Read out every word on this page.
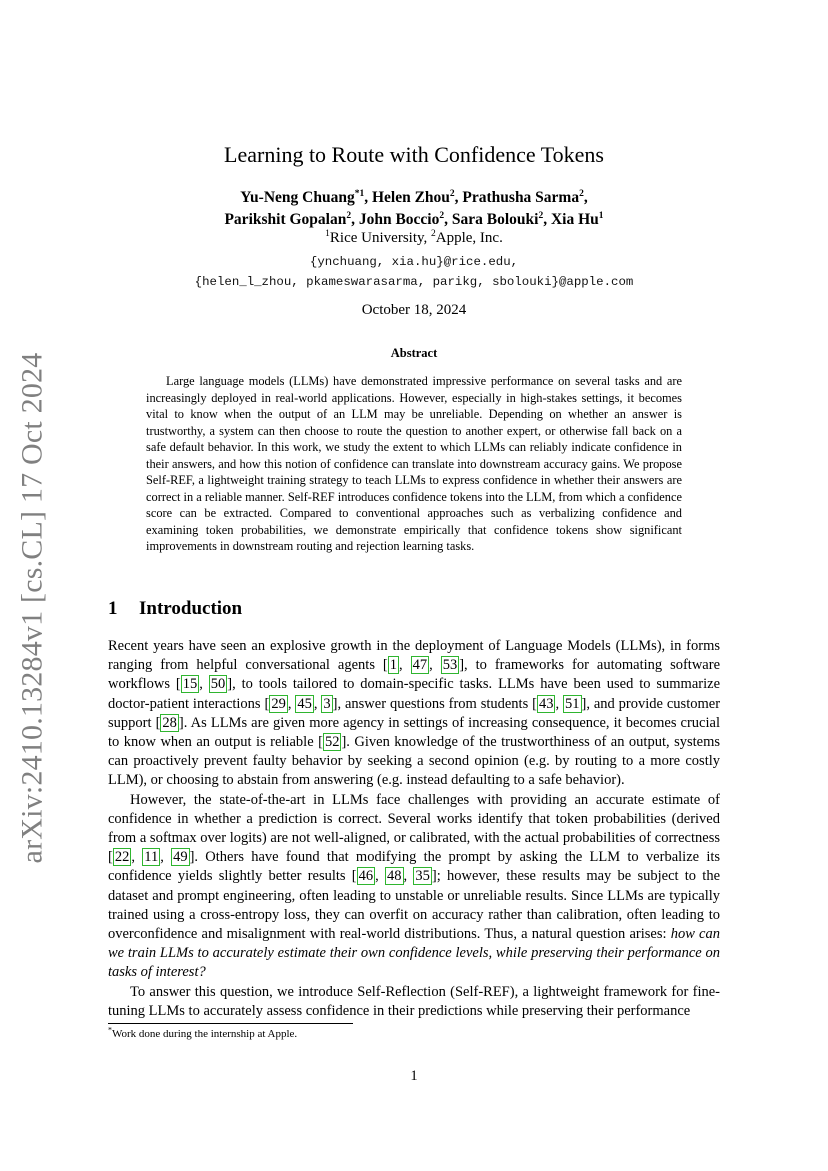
arXiv:2410.13284v1 [cs.CL] 17 Oct 2024
Learning to Route with Confidence Tokens
Yu-Neng Chuang$^{*1}$, Helen Zhou$^2$, Prathusha Sarma$^2$,
Parikshit Gopalan$^2$, John Boccio$^2$, Sara Bolouki$^2$, Xia Hu$^1$
$^1$Rice University, $^2$Apple, Inc.
{ynchuang, xia.hu}@rice.edu,
{helen_l_zhou, pkameswarasarma, parikg, sbolouki}@apple.com
October 18, 2024
Abstract

Large language models (LLMs) have demonstrated impressive performance on several tasks and are increasingly deployed in real-world applications. However, especially in high-stakes settings, it becomes vital to know when the output of an LLM may be unreliable. Depending on whether an answer is trustworthy, a system can then choose to route the question to another expert, or otherwise fall back on a safe default behavior. In this work, we study the extent to which LLMs can reliably indicate confidence in their answers, and how this notion of confidence can translate into downstream accuracy gains. We propose Self-REF, a lightweight training strategy to teach LLMs to express confidence in whether their answers are correct in a reliable manner. Self-REF introduces confidence tokens into the LLM, from which a confidence score can be extracted. Compared to conventional approaches such as verbalizing confidence and examining token probabilities, we demonstrate empirically that confidence tokens show significant improvements in downstream routing and rejection learning tasks.

1 Introduction

Recent years have seen an explosive growth in the deployment of Language Models (LLMs), in forms ranging from helpful conversational agents [ 1 , 47 , 53 ], to frameworks for automating software workflows [ 15 , 50 ], to tools tailored to domain-specific tasks. LLMs have been used to summarize doctor-patient interactions [ 29 , 45 , 3 ], answer questions from students [ 43 , 51 ], and provide customer support [ 28 ]. As LLMs are given more agency in settings of increasing consequence, it becomes crucial to know when an output is reliable [ 52 ]. Given knowledge of the trustworthiness of an output, systems can proactively prevent faulty behavior by seeking a second opinion (e.g. by routing to a more costly LLM), or choosing to abstain from answering (e.g. instead defaulting to a safe behavior).

However, the state-of-the-art in LLMs face challenges with providing an accurate estimate of confidence in whether a prediction is correct. Several works identify that token probabilities (derived from a softmax over logits) are not well-aligned, or calibrated, with the actual probabilities of correctness [ 22 , 11 , 49 ]. Others have found that modifying the prompt by asking the LLM to verbalize its confidence yields slightly better results [ 46 , 48 , 35 ]; however, these results may be subject to the dataset and prompt engineering, often leading to unstable or unreliable results. Since LLMs are typically trained using a cross-entropy loss, they can overfit on accuracy rather than calibration, often leading to overconfidence and misalignment with real-world distributions. Thus, a natural question arises: how can we train LLMs to accurately estimate their own confidence levels, while preserving their performance on tasks of interest?

To answer this question, we introduce Self-Reflection (Self-REF), a lightweight framework for fine-tuning LLMs to accurately assess confidence in their predictions while preserving their performance

*Work done during the internship at Apple.
1
